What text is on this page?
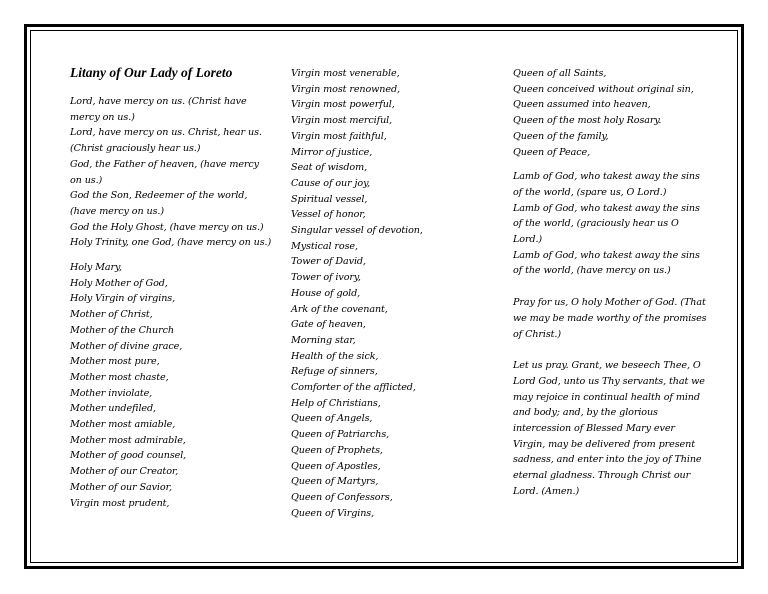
Litany of Our Lady of Loreto
Lord, have mercy on us. (Christ have mercy on us.)
Lord, have mercy on us. Christ, hear us. (Christ graciously hear us.)
God, the Father of heaven, (have mercy on us.)
God the Son, Redeemer of the world, (have mercy on us.)
God the Holy Ghost, (have mercy on us.)
Holy Trinity, one God, (have mercy on us.)
Holy Mary,
Holy Mother of God,
Holy Virgin of virgins,
Mother of Christ,
Mother of the Church
Mother of divine grace,
Mother most pure,
Mother most chaste,
Mother inviolate,
Mother undefiled,
Mother most amiable,
Mother most admirable,
Mother of good counsel,
Mother of our Creator,
Mother of our Savior,
Virgin most prudent,
Virgin most venerable,
Virgin most renowned,
Virgin most powerful,
Virgin most merciful,
Virgin most faithful,
Mirror of justice,
Seat of wisdom,
Cause of our joy,
Spiritual vessel,
Vessel of honor,
Singular vessel of devotion,
Mystical rose,
Tower of David,
Tower of ivory,
House of gold,
Ark of the covenant,
Gate of heaven,
Morning star,
Health of the sick,
Refuge of sinners,
Comforter of the afflicted,
Help of Christians,
Queen of Angels,
Queen of Patriarchs,
Queen of Prophets,
Queen of Apostles,
Queen of Martyrs,
Queen of Confessors,
Queen of Virgins,
Queen of all Saints,
Queen conceived without original sin,
Queen assumed into heaven,
Queen of the most holy Rosary.
Queen of the family,
Queen of Peace,
Lamb of God, who takest away the sins of the world, (spare us, O Lord.)
Lamb of God, who takest away the sins of the world, (graciously hear us O Lord.)
Lamb of God, who takest away the sins of the world, (have mercy on us.)
Pray for us, O holy Mother of God. (That we may be made worthy of the promises of Christ.)
Let us pray. Grant, we beseech Thee, O Lord God, unto us Thy servants, that we may rejoice in continual health of mind and body; and, by the glorious intercession of Blessed Mary ever Virgin, may be delivered from present sadness, and enter into the joy of Thine eternal gladness. Through Christ our Lord. (Amen.)
